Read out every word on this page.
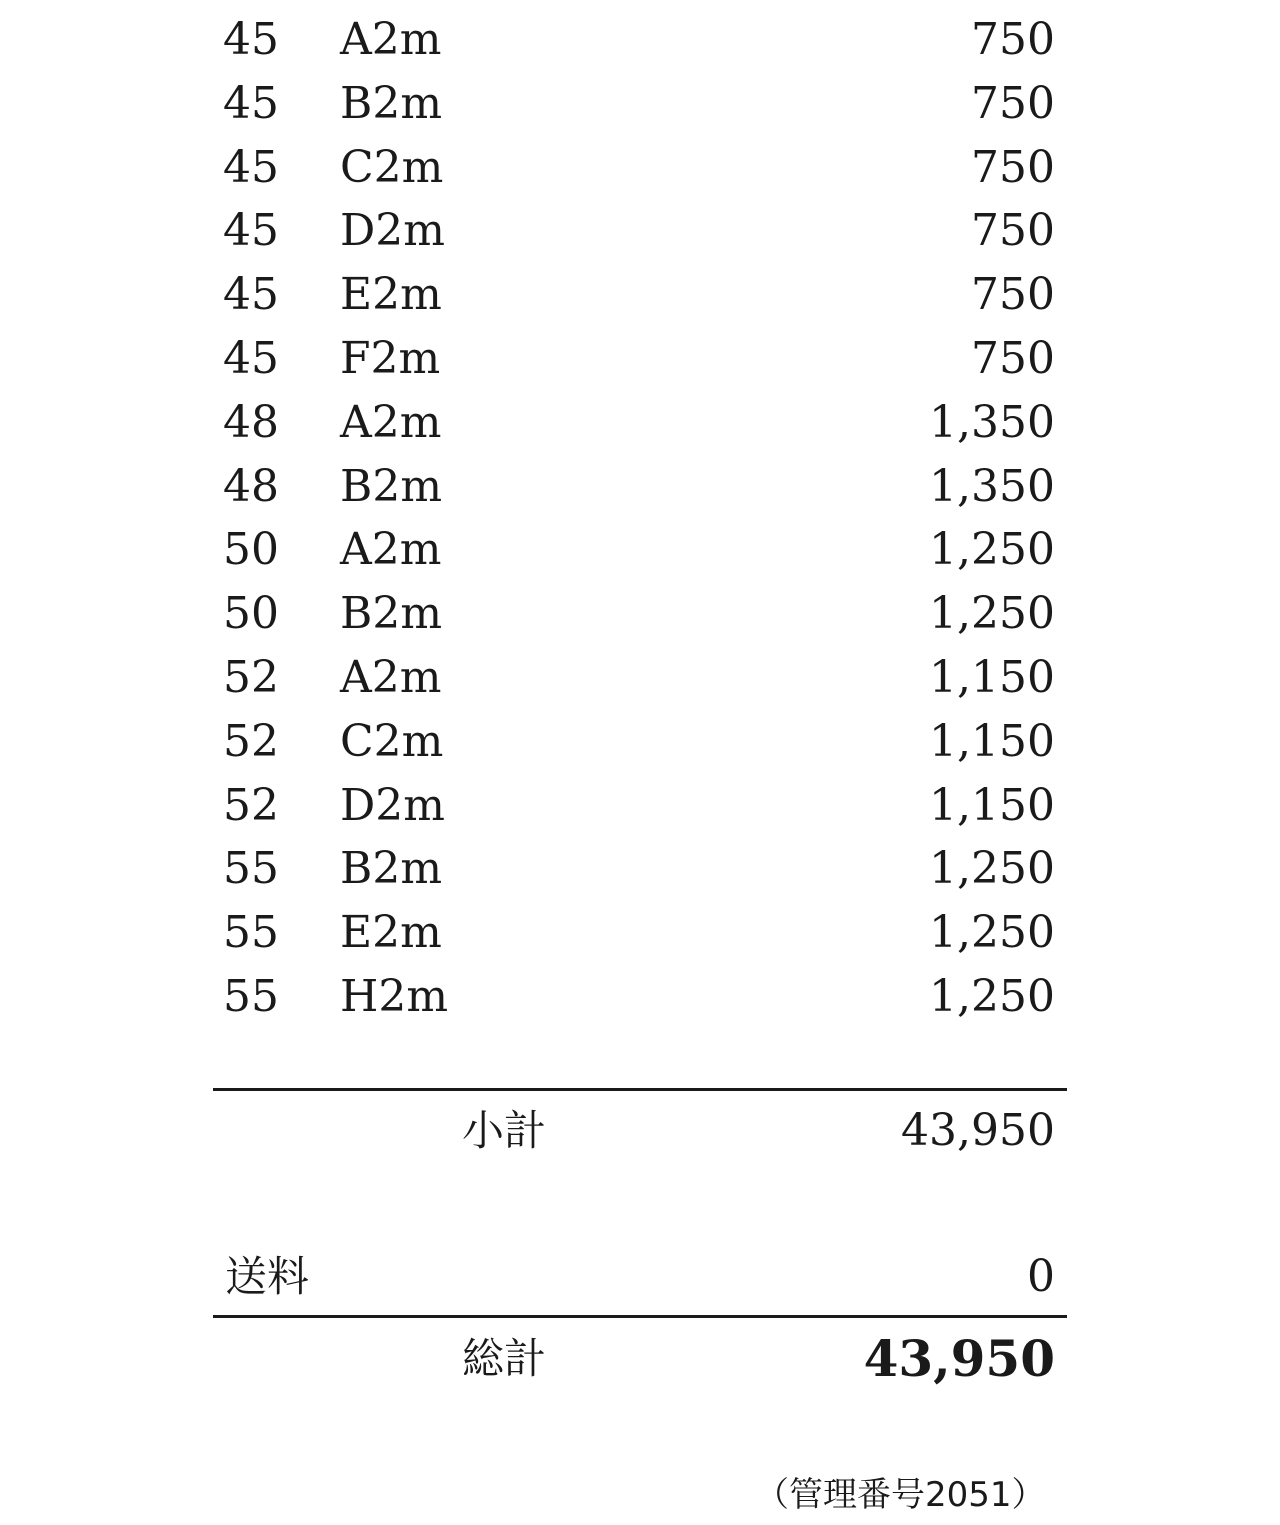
45 A2m	750
45 B2m	750
45 C2m	750
45 D2m	750
45 E2m	750
45 F2m	750
48 A2m	1,350
48 B2m	1,350
50 A2m	1,250
50 B2m	1,250
52 A2m	1,150
52 C2m	1,150
52 D2m	1,150
55 B2m	1,250
55 E2m	1,250
55 H2m	1,250
小計	43,950
送料	0
総計	43,950
（管理番号2051）
